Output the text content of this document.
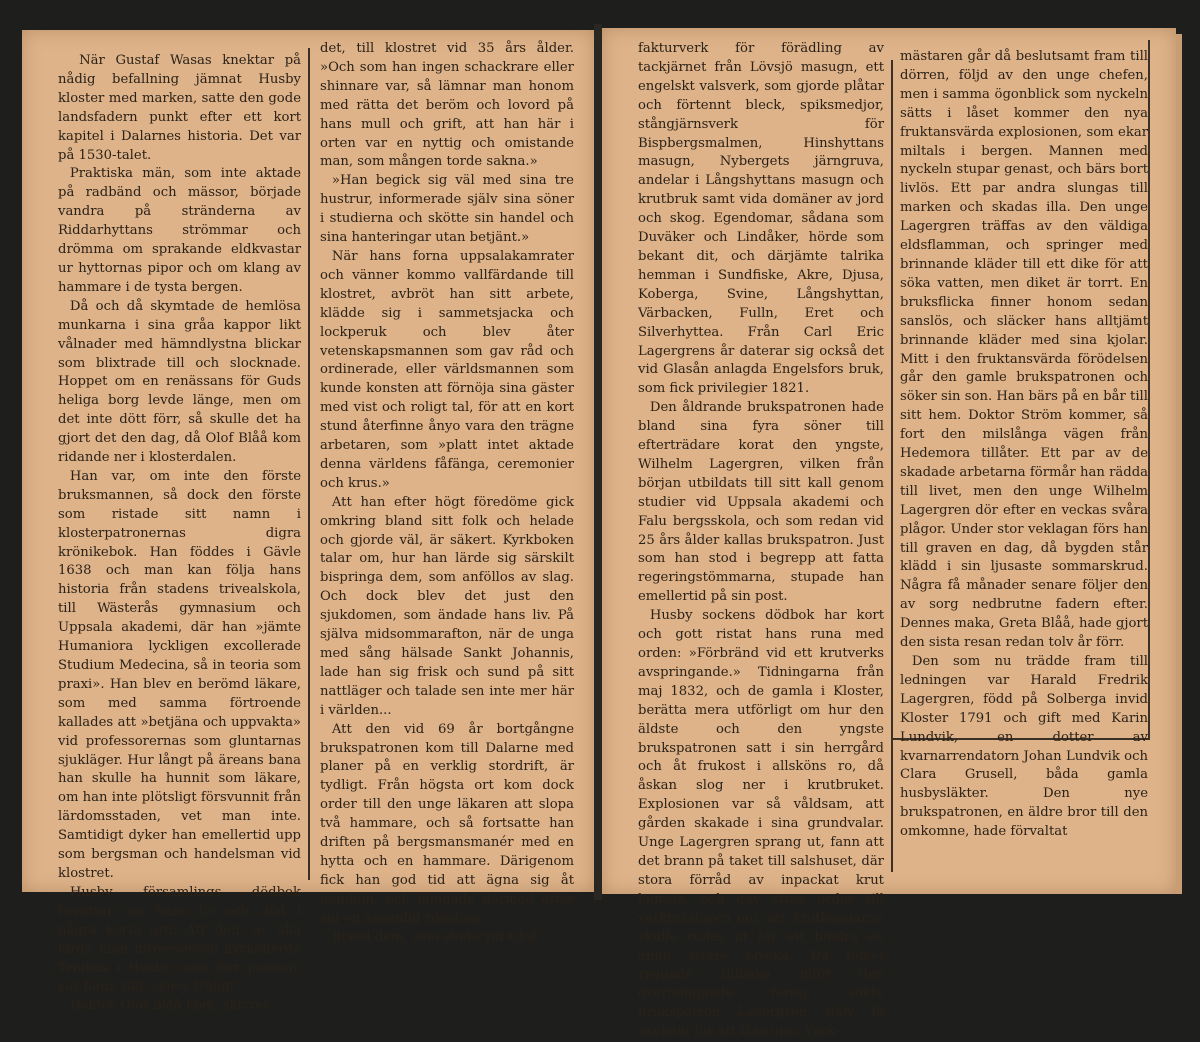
När Gustaf Wasas knektar på nådig befallning jämnat Husby kloster med marken, satte den gode landsfadern punkt efter ett kort kapitel i Dalarnes historia. Det var på 1530-talet.

Praktiska män, som inte aktade på radbänd och mässor, började vandra på stränderna av Riddarhyttans strömmar och drömma om sprakande eldkvastar ur hyttornas pipor och om klang av hammare i de tysta bergen.

Då och då skymtade de hemlösa munkarna i sina gråa kappor likt vålnader med hämndlystna blickar som blixtrade till och slocknade. Hoppet om en renässans för Guds heliga borg levde länge, men om det inte dött förr, så skulle det ha gjort det den dag, då Olof Blåå kom ridande ner i klosterdalen.

Han var, om inte den förste bruksmannen, så dock den förste som ristade sitt namn i klosterpatronernas digra krönikebok. Han föddes i Gävle 1638 och man kan följa hans historia från stadens trivealskola, till Wästerås gymnasium och Uppsala akademi, där han »jämte Humaniora lyckligen excollerade Studium Medecina, så in teoria som praxi». Han blev en berömd läkare, som med samma förtroende kallades att »betjäna och uppvakta» vid professorernas som gluntarnas sjukläger. Hur långt på äreans bana han skulle ha hunnit som läkare, om han inte plötsligt försvunnit från lärdomsstaden, vet man inte. Samtidigt dyker han emellertid upp som bergsman och handelsman vid klostret.

Husby församlings dödbok berättar om hans liv och död i några korta ord. Att den, av alla lärda män intresserade kyrkoherde Troilius i Husby, som fört pennan, var hans vän, synes troligt.

Doktor Olof Blåå kom, skrives

det, till klostret vid 35 års ålder. »Och som han ingen schackrare eller shinnare var, så lämnar man honom med rätta det beröm och lovord på hans mull och grift, att han här i orten var en nyttig och omistande man, som mången torde sakna.»

»Han begick sig väl med sina tre hustrur, informerade själv sina söner i studierna och skötte sin handel och sina hanteringar utan betjänt.»

När hans forna uppsalakamrater och vänner kommo vallfärdande till klostret, avbröt han sitt arbete, klädde sig i sammetsjacka och lockperuk och blev åter vetenskapsmannen som gav råd och ordinerade, eller världsmannen som kunde konsten att förnöja sina gäster med vist och roligt tal, för att en kort stund återfinne ånyo vara den trägne arbetaren, som »platt intet aktade denna världens fåfänga, ceremonier och krus.»

Att han efter högt föredöme gick omkring bland sitt folk och helade och gjorde väl, är säkert. Kyrkboken talar om, hur han lärde sig särskilt bispringa dem, som anföllos av slag. Och dock blev det just den sjukdomen, som ändade hans liv. På själva midsommarafton, när de unga med sång hälsade Sankt Johannis, lade han sig frisk och sund på sitt nattläger och talade sen inte mer här i världen...

Att den vid 69 år bortgångne brukspatronen kom till Dalarne med planer på en verklig stordrift, är tydligt. Från högsta ort kom dock order till den unge läkaren att slopa två hammare, och så fortsatte han driften på bergsmansmanér med en hytta och en hammare. Därigenom fick han god tid att ägna sig åt handeln, och lämnade därmed efter sig en ansenlig rikedom.

Bland dem, som stodo vid Olof

fakturverk för förädling av tackjärnet från Lövsjö masugn, ett engelskt valsverk, som gjorde plåtar och förtennt bleck, spiksmedjor, stångjärnsverk för Bispbergsmalmen, Hinshyttans masugn, Nybergets järngruva, andelar i Långshyttans masugn och krutbruk samt vida domäner av jord och skog. Egendomar, sådana som Duväker och Lindåker, hörde som bekant dit, och därjämte talrika hemman i Sundfiske, Akre, Djusa, Koberga, Svine, Långshyttan, Värbacken, Fulln, Eret och Silverhyttea. Från Carl Eric Lagergrens år daterar sig också det vid Glasån anlagda Engelsfors bruk, som fick privilegier 1821.

Den åldrande brukspatronen hade bland sina fyra söner till efterträdare korat den yngste, Wilhelm Lagergren, vilken från början utbildats till sitt kall genom studier vid Uppsala akademi och Falu bergsskola, och som redan vid 25 års ålder kallas brukspatron. Just som han stod i begrepp att fatta regeringstömmarna, stupade han emellertid på sin post.

Husby sockens dödbok har kort och gott ristat hans runa med orden: »Förbränd vid ett krutverks avspringande.» Tidningarna från maj 1832, och de gamla i Kloster, berätta mera utförligt om hur den äldste och den yngste brukspatronen satt i sin herrgård och åt frukost i allsköns ro, då åskan slog ner i krutbruket. Explosionen var så våldsam, att gården skakade i sina grundvalar. Unge Lagergren sprang ut, fann att det brann på taket till salshuset, där stora förråd av inpackat krut lagrats, och gav strax order till verkmästaren om, att krutkaggarna skulle rullas ut för att hindra en ännu större olycka. Då folket ryggade tillbaka inför den överhängande faran, sökte brukspatron Lagergren själv få nyckeln för att låsa upp. Verk-

mästaren går då beslutsamt fram till dörren, följd av den unge chefen, men i samma ögonblick som nyckeln sätts i låset kommer den nya fruktansvärda explosionen, som ekar miltals i bergen. Mannen med nyckeln stupar genast, och bärs bort livlös. Ett par andra slungas till marken och skadas illa. Den unge Lagergren träffas av den väldiga eldsflamman, och springer med brinnande kläder till ett dike för att söka vatten, men diket är torrt. En bruksflicka finner honom sedan sanslös, och släcker hans alltjämt brinnande kläder med sina kjolar. Mitt i den fruktansvärda förödelsen går den gamle brukspatronen och söker sin son. Han bärs på en bår till sitt hem. Doktor Ström kommer, så fort den milslånga vägen från Hedemora tillåter. Ett par av de skadade arbetarna förmår han rädda till livet, men den unge Wilhelm Lagergren dör efter en veckas svåra plågor. Under stor veklagan förs han till graven en dag, då bygden står klädd i sin ljusaste sommarskrud. Några få månader senare följer den av sorg nedbrutne fadern efter. Dennes maka, Greta Blåå, hade gjort den sista resan redan tolv år förr.

Den som nu trädde fram till ledningen var Harald Fredrik Lagergren, född på Solberga invid Kloster 1791 och gift med Karin Lundvik, en dotter av kvarnarrendatorn Johan Lundvik och Clara Grusell, båda gamla husbysläkter. Den nye brukspatronen, en äldre bror till den omkomne, hade förvaltat
